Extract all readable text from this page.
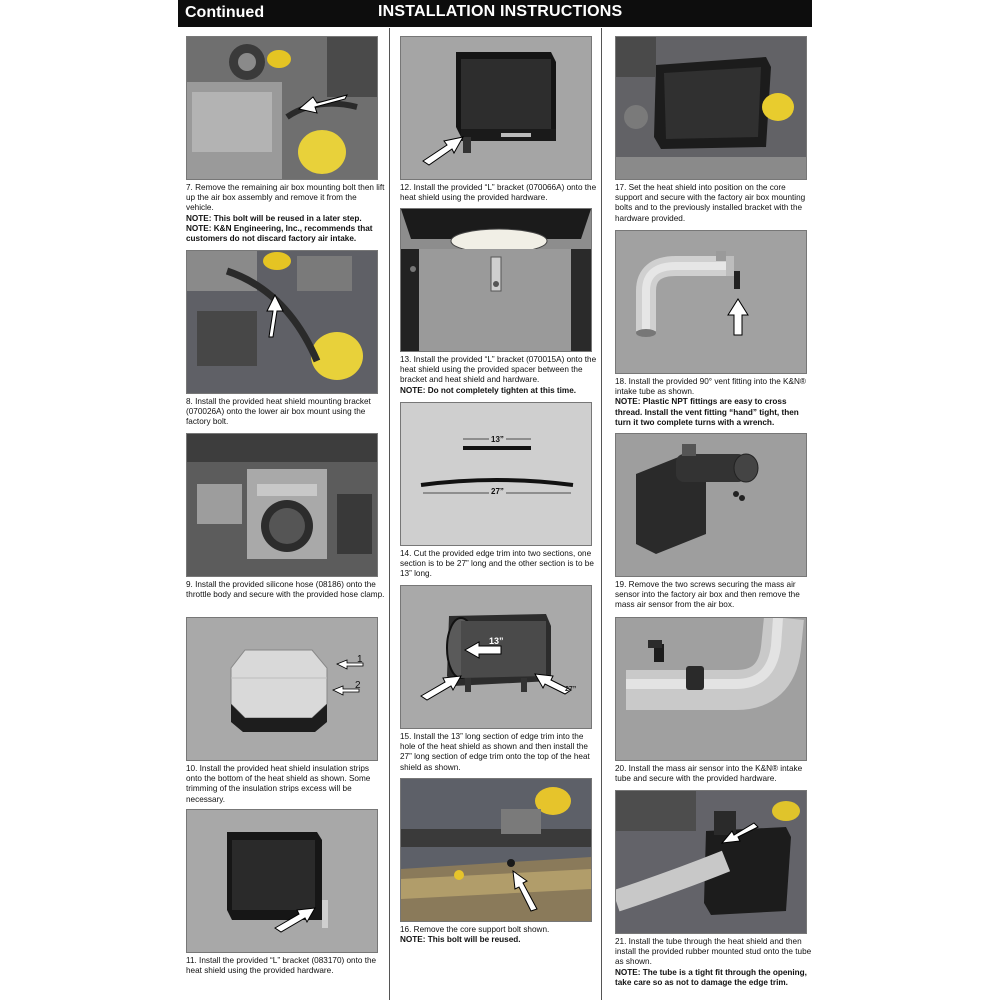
Continued	INSTALLATION INSTRUCTIONS
7. Remove the remaining air box mounting bolt then lift up the air box assembly and remove it from the vehicle.
NOTE: This bolt will be reused in a later step.
NOTE: K&N Engineering, Inc., recommends that customers do not discard factory air intake.
8. Install the provided heat shield mounting bracket (070026A) onto the lower air box mount using the factory bolt.
9. Install the provided silicone hose (08186) onto the throttle body and secure with the provided hose clamp.
1
2
10. Install the provided heat shield insulation strips onto the bottom of the heat shield as shown. Some trimming of the insulation strips excess will be necessary.
11. Install the provided “L” bracket (083170) onto the heat shield using the provided hardware.
12. Install the provided “L” bracket (070066A) onto the heat shield using the provided hardware.
13. Install the provided “L” bracket (070015A) onto the heat shield using the provided spacer between the bracket and heat shield and hardware.
NOTE: Do not completely tighten at this time.
13”
27”
14. Cut the provided edge trim into two sections, one section is to be 27” long and the other section is to be 13” long.
13”
27”
15. Install the 13” long section of edge trim into the hole of the heat shield as shown and then install the 27” long section of edge trim onto the top of the heat shield as shown.
16. Remove the core support bolt shown.
NOTE: This bolt will be reused.
17. Set the heat shield into position on the core support and secure with the factory air box mounting bolts and to the previously installed bracket with the hardware provided.
18. Install the provided 90° vent fitting into the K&N® intake tube as shown.
NOTE: Plastic NPT fittings are easy to cross thread. Install the vent fitting “hand” tight, then turn it two complete turns with a wrench.
19. Remove the two screws securing the mass air sensor into the factory air box and then remove the mass air sensor from the air box.
20. Install the mass air sensor into the K&N® intake tube and secure with the provided hardware.
21. Install the tube through the heat shield and then install the provided rubber mounted stud onto the tube as shown.
NOTE: The tube is a tight fit through the opening, take care so as not to damage the edge trim.
